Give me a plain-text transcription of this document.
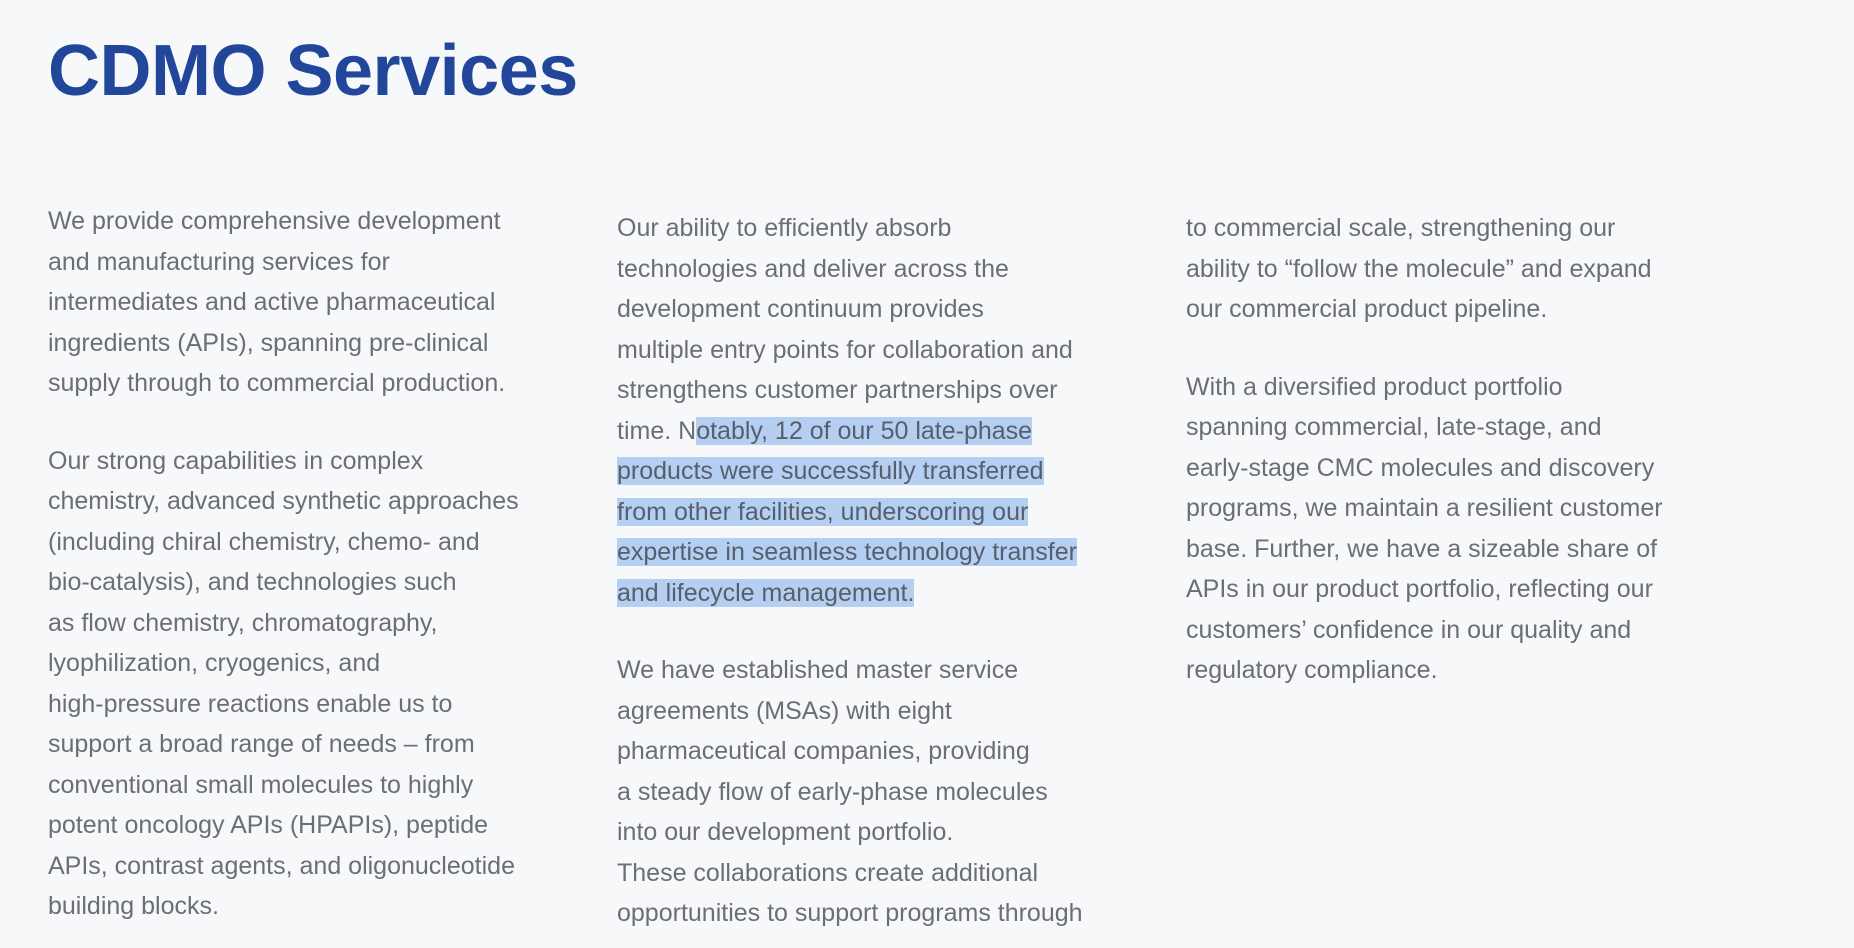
CDMO Services

We provide comprehensive development
and manufacturing services for
intermediates and active pharmaceutical
ingredients (APIs), spanning pre-clinical
supply through to commercial production.

Our strong capabilities in complex
chemistry, advanced synthetic approaches
(including chiral chemistry, chemo- and
bio-catalysis), and technologies such
as flow chemistry, chromatography,
lyophilization, cryogenics, and
high-pressure reactions enable us to
support a broad range of needs – from
conventional small molecules to highly
potent oncology APIs (HPAPIs), peptide
APIs, contrast agents, and oligonucleotide
building blocks.

Our ability to efficiently absorb
technologies and deliver across the
development continuum provides
multiple entry points for collaboration and
strengthens customer partnerships over
time. Notably, 12 of our 50 late-phase
products were successfully transferred
from other facilities, underscoring our
expertise in seamless technology transfer
and lifecycle management.

We have established master service
agreements (MSAs) with eight
pharmaceutical companies, providing
a steady flow of early-phase molecules
into our development portfolio.
These collaborations create additional
opportunities to support programs through

to commercial scale, strengthening our
ability to “follow the molecule” and expand
our commercial product pipeline.

With a diversified product portfolio
spanning commercial, late-stage, and
early-stage CMC molecules and discovery
programs, we maintain a resilient customer
base. Further, we have a sizeable share of
APIs in our product portfolio, reflecting our
customers’ confidence in our quality and
regulatory compliance.
